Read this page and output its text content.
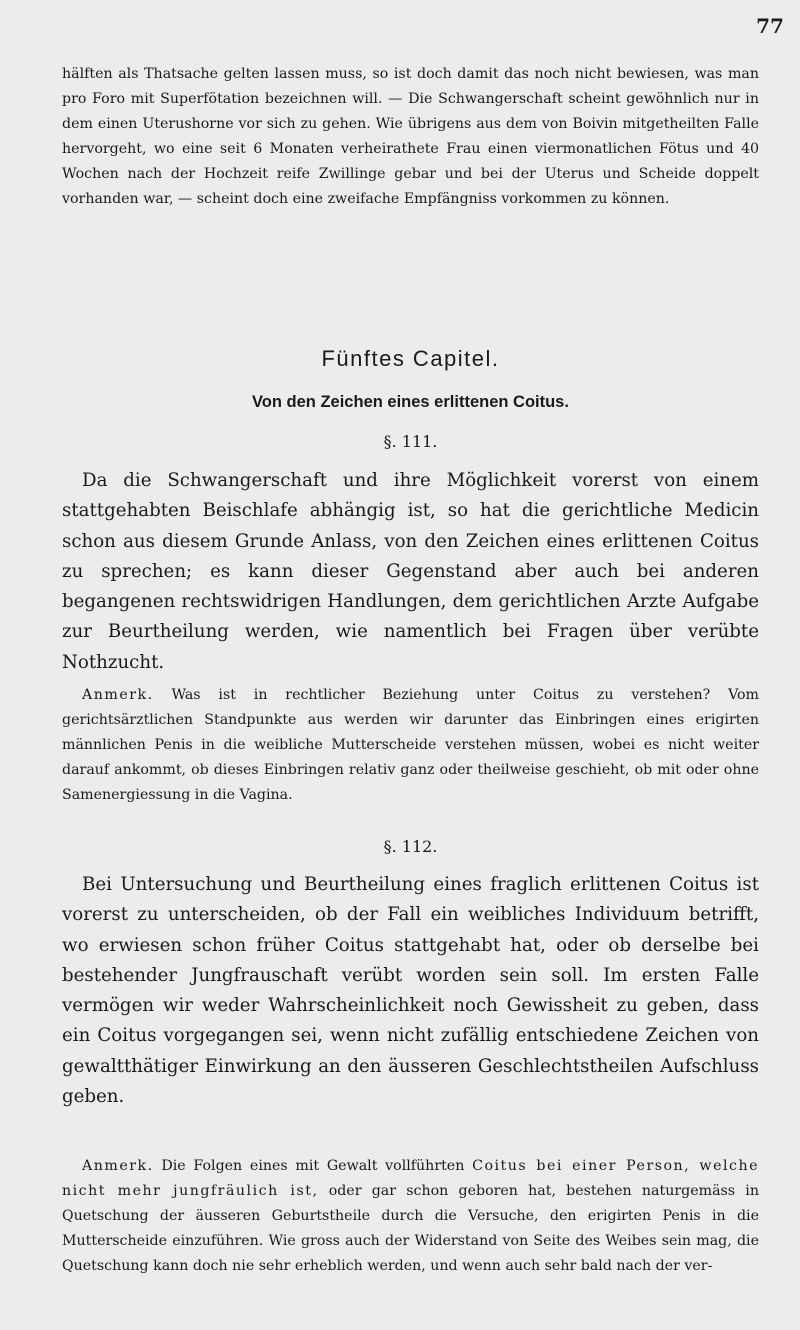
77
hälften als Thatsache gelten lassen muss, so ist doch damit das noch nicht bewiesen, was man pro Foro mit Superfötation bezeichnen will. — Die Schwangerschaft scheint gewöhnlich nur in dem einen Uterushorne vor sich zu gehen. Wie übrigens aus dem von Boivin mitgetheilten Falle hervorgeht, wo eine seit 6 Monaten verheirathete Frau einen viermonatlichen Fötus und 40 Wochen nach der Hochzeit reife Zwillinge gebar und bei der Uterus und Scheide doppelt vorhanden war, — scheint doch eine zweifache Empfängniss vorkommen zu können.
Fünftes Capitel.
Von den Zeichen eines erlittenen Coitus.
§. 111.
Da die Schwangerschaft und ihre Möglichkeit vorerst von einem stattgehabten Beischlafe abhängig ist, so hat die gerichtliche Medicin schon aus diesem Grunde Anlass, von den Zeichen eines erlittenen Coitus zu sprechen; es kann dieser Gegenstand aber auch bei anderen begangenen rechtswidrigen Handlungen, dem gerichtlichen Arzte Aufgabe zur Beurtheilung werden, wie namentlich bei Fragen über verübte Nothzucht.
Anmerk. Was ist in rechtlicher Beziehung unter Coitus zu verstehen? Vom gerichtsärztlichen Standpunkte aus werden wir darunter das Einbringen eines erigirten männlichen Penis in die weibliche Mutterscheide verstehen müssen, wobei es nicht weiter darauf ankommt, ob dieses Einbringen relativ ganz oder theilweise geschieht, ob mit oder ohne Samenergiessung in die Vagina.
§. 112.
Bei Untersuchung und Beurtheilung eines fraglich erlittenen Coitus ist vorerst zu unterscheiden, ob der Fall ein weibliches Individuum betrifft, wo erwiesen schon früher Coitus stattgehabt hat, oder ob derselbe bei bestehender Jungfrauschaft verübt worden sein soll. Im ersten Falle vermögen wir weder Wahrscheinlichkeit noch Gewissheit zu geben, dass ein Coitus vorgegangen sei, wenn nicht zufällig entschiedene Zeichen von gewaltthätiger Einwirkung an den äusseren Geschlechtstheilen Aufschluss geben.
Anmerk. Die Folgen eines mit Gewalt vollführten Coitus bei einer Person, welche nicht mehr jungfräulich ist, oder gar schon geboren hat, bestehen naturgemäss in Quetschung der äusseren Geburtstheile durch die Versuche, den erigirten Penis in die Mutterscheide einzuführen. Wie gross auch der Widerstand von Seite des Weibes sein mag, die Quetschung kann doch nie sehr erheblich werden, und wenn auch sehr bald nach der ver-
